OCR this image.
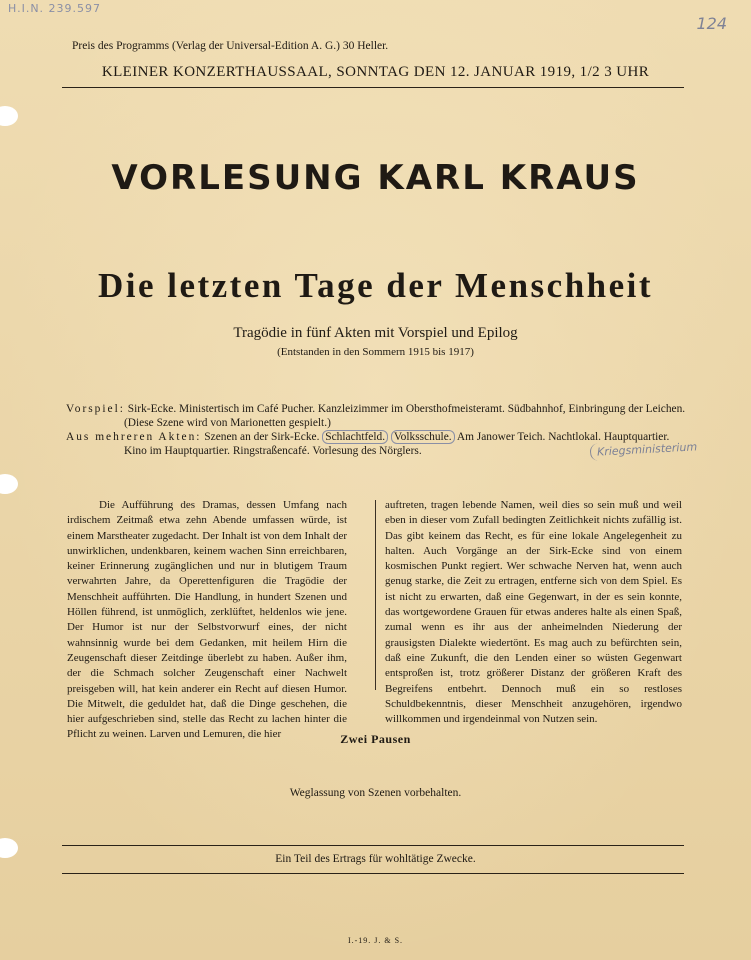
H.I.N. 239.597
124
Preis des Programms (Verlag der Universal-Edition A. G.) 30 Heller.
KLEINER KONZERTHAUSSAAL, SONNTAG DEN 12. JANUAR 1919, 1/2 3 UHR
VORLESUNG KARL KRAUS
Die letzten Tage der Menschheit
Tragödie in fünf Akten mit Vorspiel und Epilog
(Entstanden in den Sommern 1915 bis 1917)
Vorspiel: Sirk-Ecke. Ministertisch im Café Pucher. Kanzleizimmer im Obersthofmeisteramt. Südbahnhof, Einbringung der Leichen.
(Diese Szene wird von Marionetten gespielt.)
Aus mehreren Akten: Szenen an der Sirk-Ecke. Schlachtfeld. Volksschule. Am Janower Teich. Nachtlokal. Hauptquartier.
Kino im Hauptquartier. Ringstraßencafé. Vorlesung des Nörglers.	Kriegsministerium

Die Aufführung des Dramas, dessen Umfang nach irdischem Zeitmaß etwa zehn Abende umfassen würde, ist einem Marstheater zugedacht. Der Inhalt ist von dem Inhalt der unwirklichen, undenkbaren, keinem wachen Sinn erreichbaren, keiner Erinnerung zugänglichen und nur in blutigem Traum verwahrten Jahre, da Operettenfiguren die Tragödie der Menschheit aufführten. Die Handlung, in hundert Szenen und Höllen führend, ist unmöglich, zerklüftet, heldenlos wie jene. Der Humor ist nur der Selbstvorwurf eines, der nicht wahnsinnig wurde bei dem Gedanken, mit heilem Hirn die Zeugenschaft dieser Zeitdinge überlebt zu haben. Außer ihm, der die Schmach solcher Zeugenschaft einer Nachwelt preisgeben will, hat kein anderer ein Recht auf diesen Humor. Die Mitwelt, die geduldet hat, daß die Dinge geschehen, die hier aufgeschrieben sind, stelle das Recht zu lachen hinter die Pflicht zu weinen. Larven und Lemuren, die hier

auftreten, tragen lebende Namen, weil dies so sein muß und weil eben in dieser vom Zufall bedingten Zeitlichkeit nichts zufällig ist. Das gibt keinem das Recht, es für eine lokale Angelegenheit zu halten. Auch Vorgänge an der Sirk-Ecke sind von einem kosmischen Punkt regiert. Wer schwache Nerven hat, wenn auch genug starke, die Zeit zu ertragen, entferne sich von dem Spiel. Es ist nicht zu erwarten, daß eine Gegenwart, in der es sein konnte, das wortgewordene Grauen für etwas anderes halte als einen Spaß, zumal wenn es ihr aus der anheimelnden Niederung der grausigsten Dialekte wiedertönt. Es mag auch zu befürchten sein, daß eine Zukunft, die den Lenden einer so wüsten Gegenwart entsproßen ist, trotz größerer Distanz der größeren Kraft des Begreifens entbehrt. Dennoch muß ein so restloses Schuldbekenntnis, dieser Menschheit anzugehören, irgendwo willkommen und irgendeinmal von Nutzen sein.

Zwei Pausen
Weglassung von Szenen vorbehalten.
Ein Teil des Ertrags für wohltätige Zwecke.
I.-19. J. & S.
